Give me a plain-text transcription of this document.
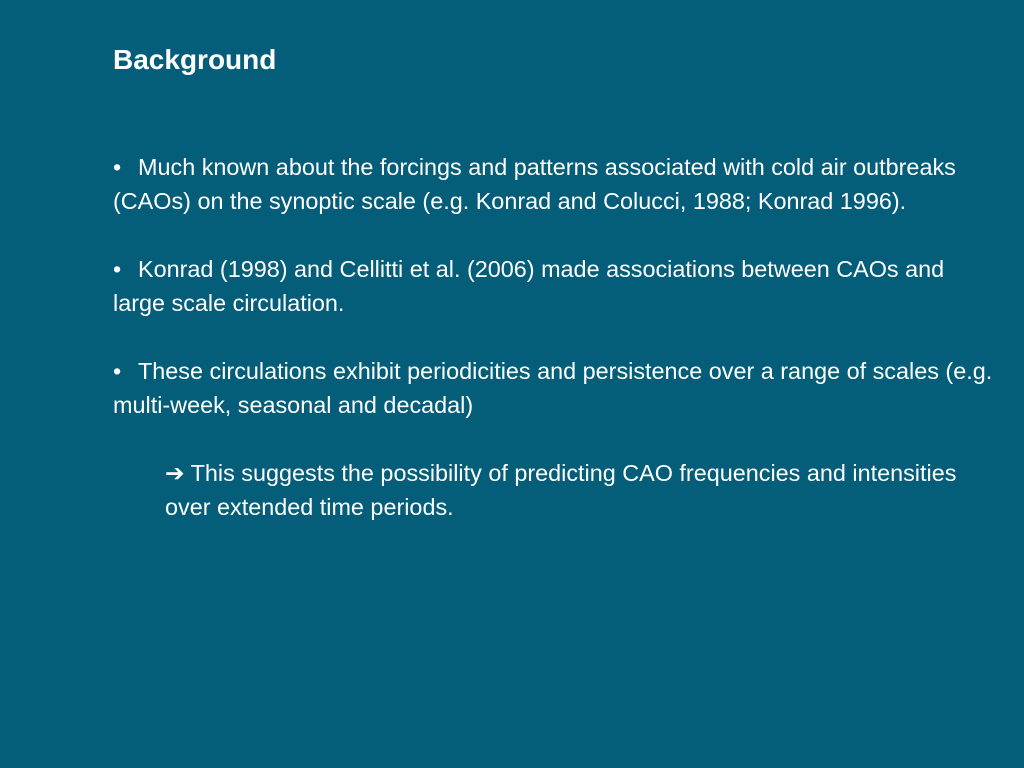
Background

• Much known about the forcings and patterns associated with cold air outbreaks (CAOs) on the synoptic scale (e.g. Konrad and Colucci, 1988; Konrad 1996).

• Konrad (1998) and Cellitti et al. (2006) made associations between CAOs and large scale circulation.

• These circulations exhibit periodicities and persistence over a range of scales (e.g. multi-week, seasonal and decadal)

➔ This suggests the possibility of predicting CAO frequencies and intensities over extended time periods.
